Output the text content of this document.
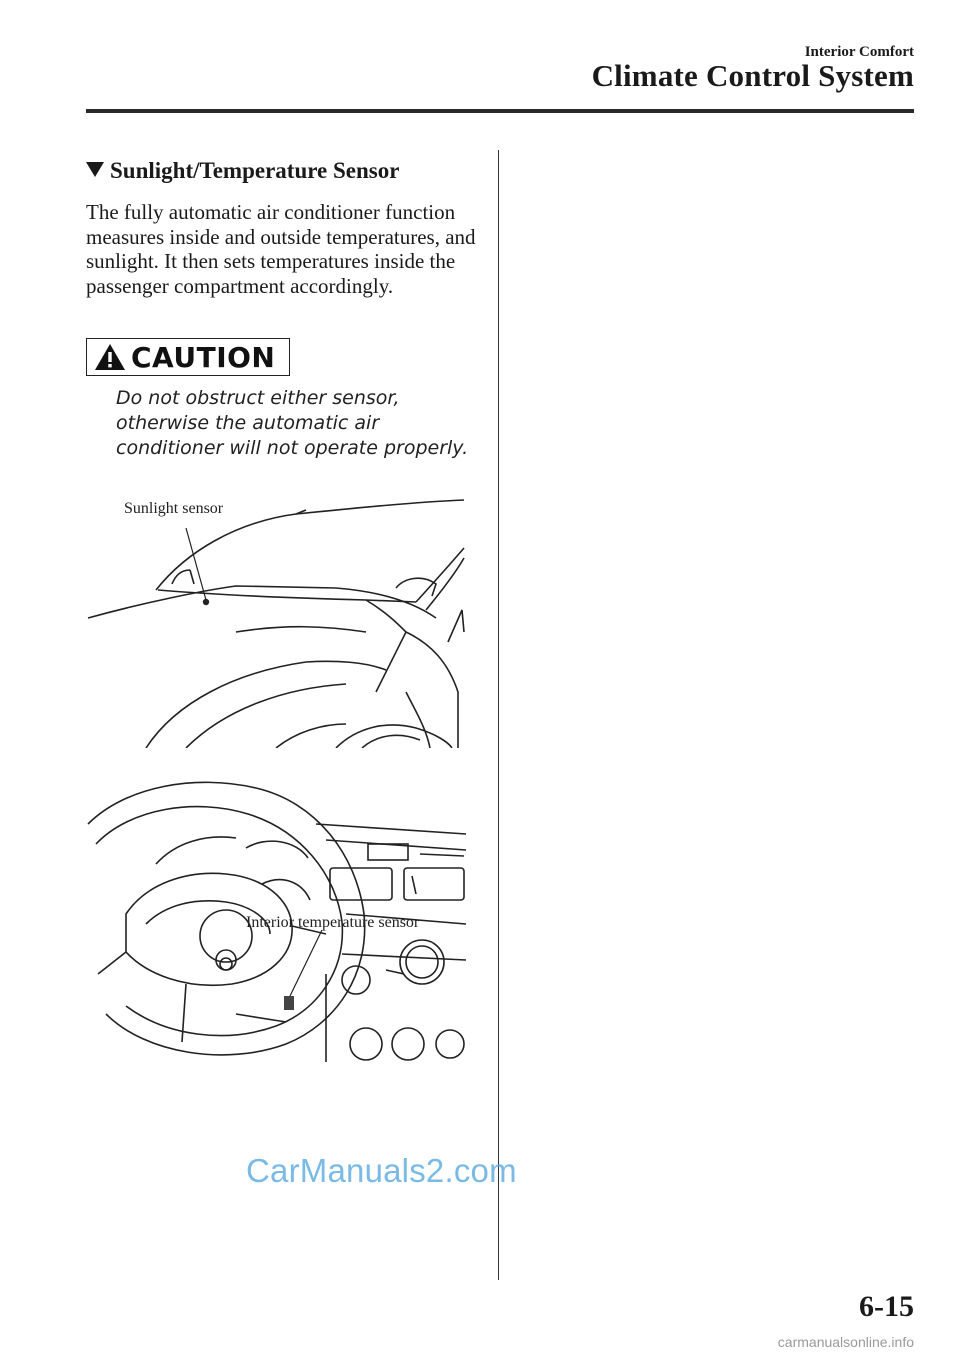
Interior Comfort
Climate Control System
Sunlight/Temperature Sensor
The fully automatic air conditioner function measures inside and outside temperatures, and sunlight. It then sets temperatures inside the passenger compartment accordingly.
CAUTION
Do not obstruct either sensor, otherwise the automatic air conditioner will not operate properly.
Sunlight sensor
Interior temperature sensor
CarManuals2.com
6-15
carmanualsonline.info
